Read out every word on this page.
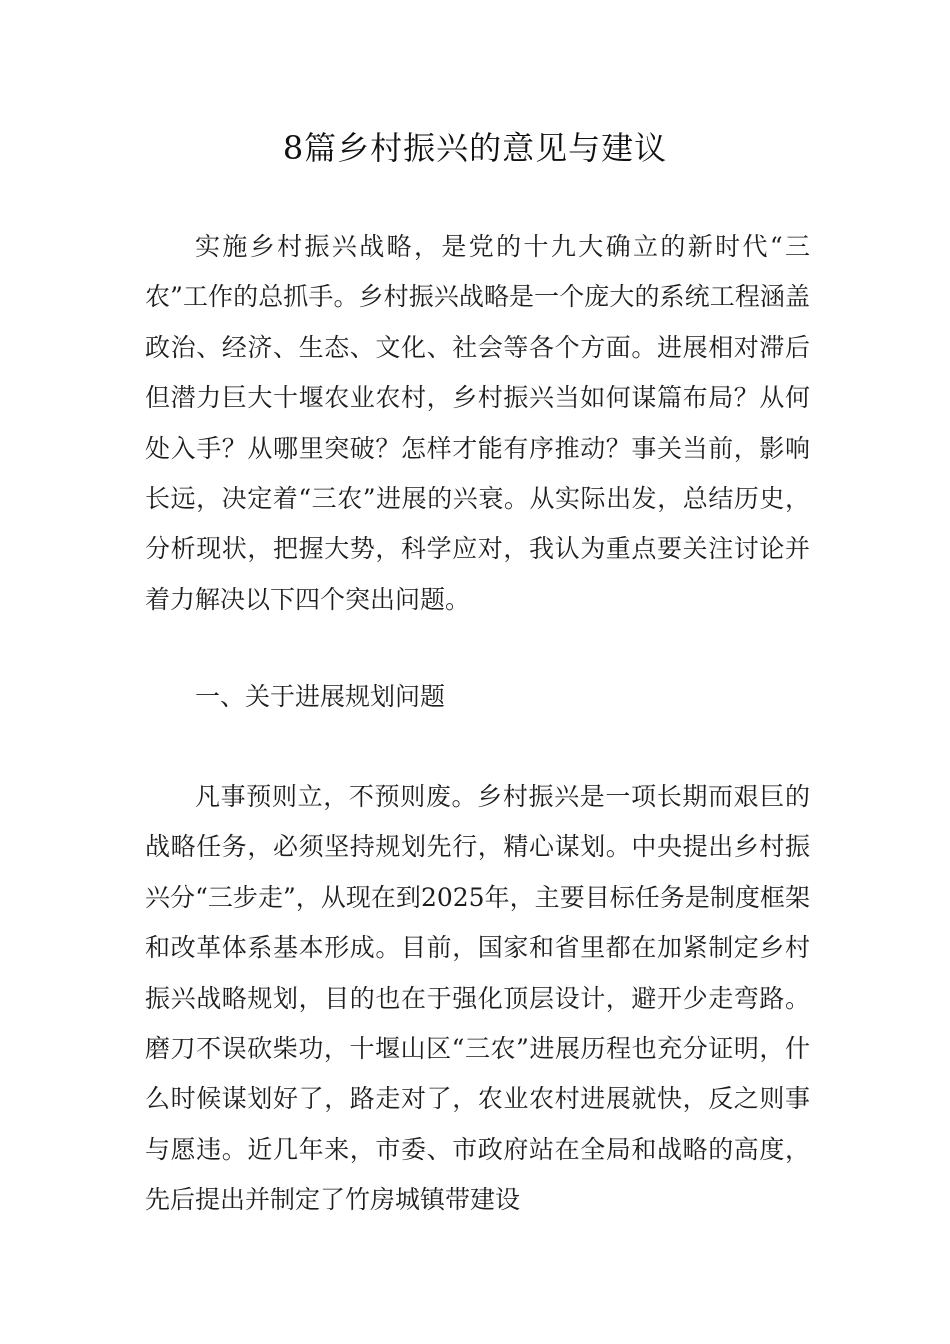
8篇乡村振兴的意见与建议
实施乡村振兴战略，是党的十九大确立的新时代“三农”工作的总抓手。乡村振兴战略是一个庞大的系统工程涵盖政治、经济、生态、文化、社会等各个方面。进展相对滞后但潜力巨大十堰农业农村，乡村振兴当如何谋篇布局？从何处入手？从哪里突破？怎样才能有序推动？事关当前，影响长远，决定着“三农”进展的兴衰。从实际出发，总结历史，分析现状，把握大势，科学应对，我认为重点要关注讨论并着力解决以下四个突出问题。
一、关于进展规划问题
凡事预则立，不预则废。乡村振兴是一项长期而艰巨的战略任务，必须坚持规划先行，精心谋划。中央提出乡村振兴分“三步走”，从现在到2025年，主要目标任务是制度框架和改革体系基本形成。目前，国家和省里都在加紧制定乡村振兴战略规划，目的也在于强化顶层设计，避开少走弯路。磨刀不误砍柴功，十堰山区“三农”进展历程也充分证明，什么时候谋划好了，路走对了，农业农村进展就快，反之则事与愿违。近几年来，市委、市政府站在全局和战略的高度，先后提出并制定了竹房城镇带建设
